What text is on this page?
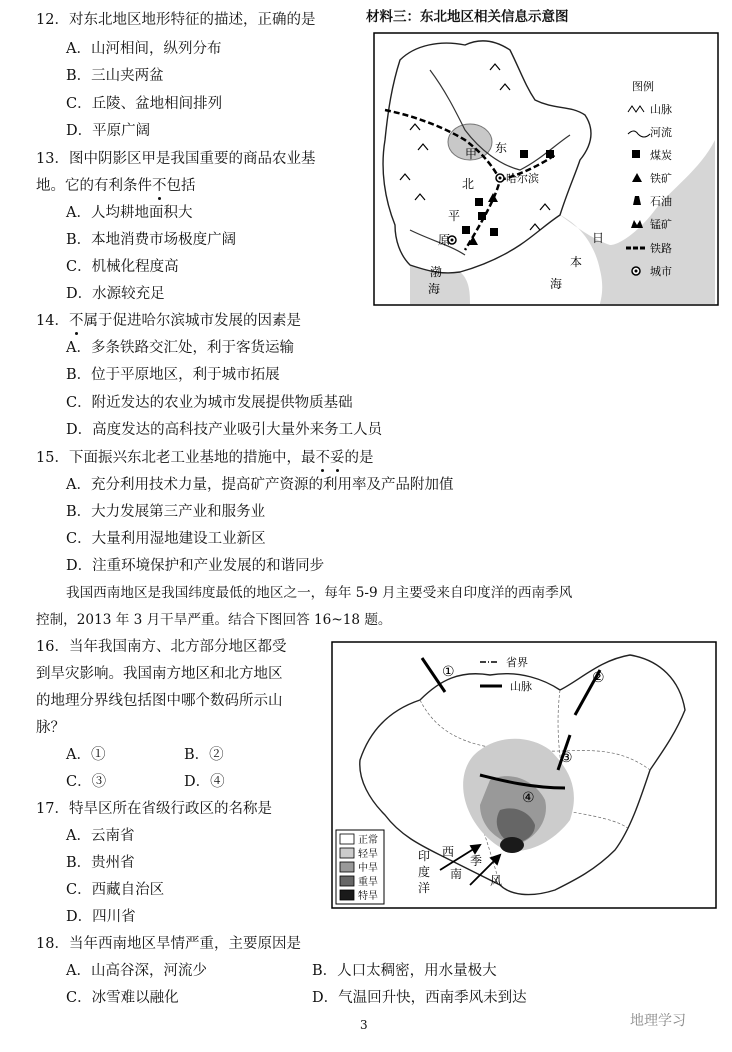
12．对东北地区地形特征的描述，正确的是
A．山河相间，纵列分布
B．三山夹两盆
C．丘陵、盆地相间排列
D．平原广阔
13．图中阴影区甲是我国重要的商品农业基
地。它的有利条件不包括
A．人均耕地面积大
B．本地消费市场极度广阔
C．机械化程度高
D．水源较充足
14．不属于促进哈尔滨城市发展的因素是
A．多条铁路交汇处，利于客货运输
B．位于平原地区，利于城市拓展
C．附近发达的农业为城市发展提供物质基础
D．高度发达的高科技产业吸引大量外来务工人员
15．下面振兴东北老工业基地的措施中，最不妥的是
A．充分利用技术力量，提高矿产资源的利用率及产品附加值
B．大力发展第三产业和服务业
C．大量利用湿地建设工业新区
D．注重环境保护和产业发展的和谐同步
我国西南地区是我国纬度最低的地区之一，每年 5-9 月主要受来自印度洋的西南季风
控制，2013 年 3 月干旱严重。结合下图回答 16~18 题。
16．当年我国南方、北方部分地区都受
到旱灾影响。我国南方地区和北方地区
的地理分界线包括图中哪个数码所示山
脉？
A．①	B．②
C．③	D．④
17．特旱区所在省级行政区的名称是
A．云南省
B．贵州省
C．西藏自治区
D．四川省
18．当年西南地区旱情严重，主要原因是
A．山高谷深，河流少	B．人口太稠密，用水量极大
C．冰雪难以融化	D．气温回升快，西南季风未到达
3
材料三：东北地区相关信息示意图
甲 东
北	哈尔滨
平
原
渤
海
日
本
海
图例
山脉
河流
煤炭
铁矿
石油
锰矿
铁路
城市
①	②
③
④
省界
山脉
正常
轻旱
中旱
重旱
特旱
印
度
洋
西
南
季
风
地理学习
